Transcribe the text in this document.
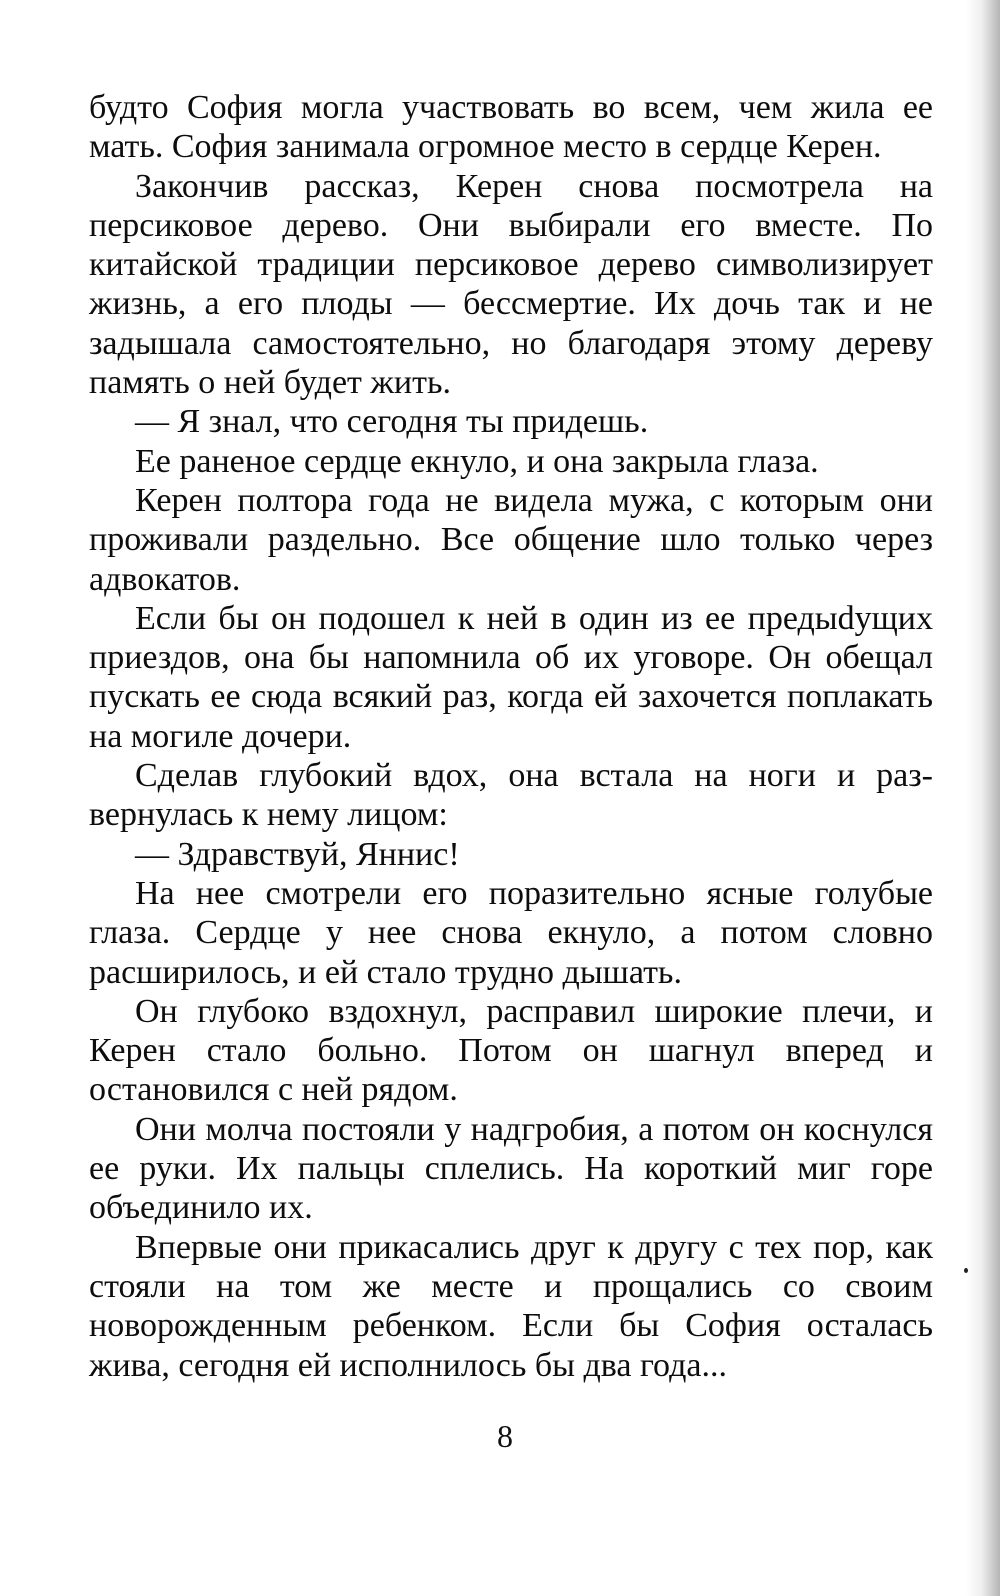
будто София могла участвовать во всем, чем жила ее мать. София занимала огромное место в сердце Керен.

Закончив рассказ, Керен снова посмотрела на персиковое дерево. Они выбирали его вместе. По китайской традиции персиковое дерево символизирует жизнь, а его плоды — бессмертие. Их дочь так и не задышала самостоятельно, но благодаря этому дереву память о ней будет жить.

— Я знал, что сегодня ты придешь.

Ее раненое сердце екнуло, и она закрыла глаза.

Керен полтора года не видела мужа, с которым они проживали раздельно. Все общение шло только через адвокатов.

Если бы он подошел к ней в один из ее предыdущих приездов, она бы напомнила об их уговоре. Он обещал пускать ее сюда всякий раз, когда ей захочется поплакать на могиле дочери.

Сделав глубокий вдох, она встала на ноги и развернулась к нему лицом:

— Здравствуй, Яннис!

На нее смотрели его поразительно ясные голубые глаза. Сердце у нее снова екнуло, а потом словно расширилось, и ей стало трудно дышать.

Он глубоко вздохнул, расправил широкие плечи, и Керен стало больно. Потом он шагнул вперед и остановился с ней рядом.

Они молча постояли у надгробия, а потом он коснулся ее руки. Их пальцы сплелись. На короткий миг горе объединило их.

Впервые они прикасались друг к другу с тех пор, как стояли на том же месте и прощались со своим новорожденным ребенком. Если бы София осталась жива, сегодня ей исполнилось бы два года...

8
